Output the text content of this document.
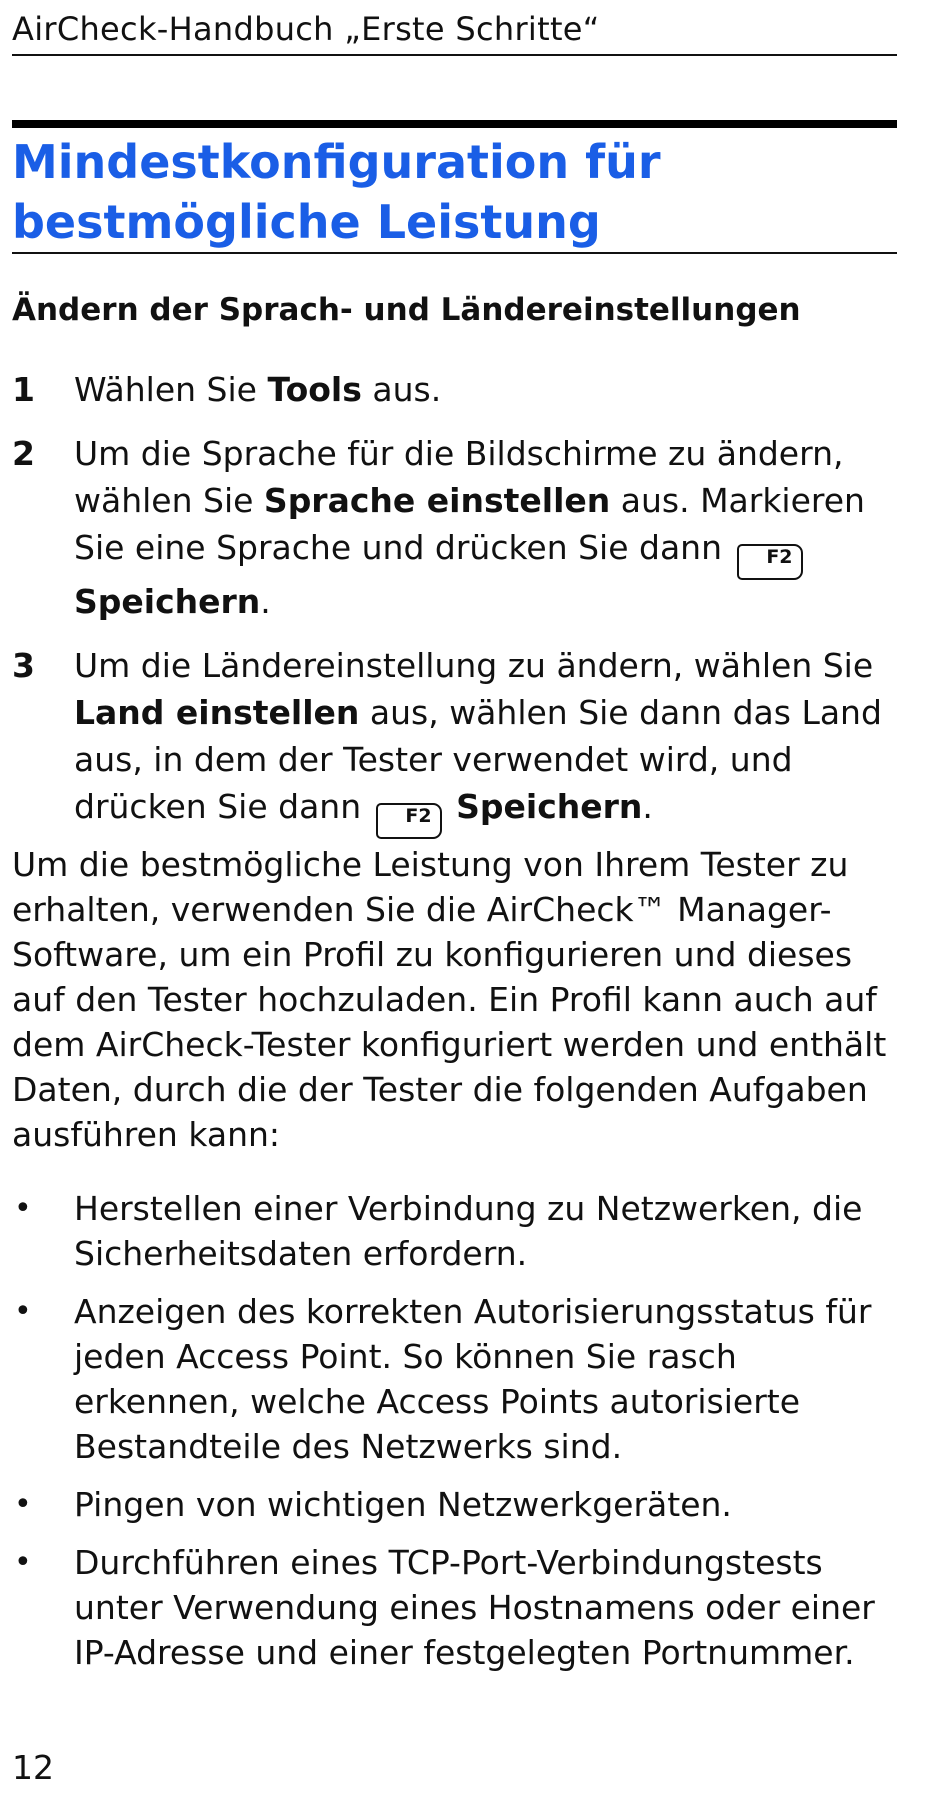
AirCheck-Handbuch „Erste Schritte“
Mindestkonfiguration für
bestmögliche Leistung
Ändern der Sprach- und Ländereinstellungen
1 Wählen Sie Tools aus.
2 Um die Sprache für die Bildschirme zu ändern, wählen Sie Sprache einstellen aus. Markieren Sie eine Sprache und drücken Sie dann F2
Speichern.
3 Um die Ländereinstellung zu ändern, wählen Sie Land einstellen aus, wählen Sie dann das Land aus, in dem der Tester verwendet wird, und drücken Sie dann F2 Speichern.

Um die bestmögliche Leistung von Ihrem Tester zu erhalten, verwenden Sie die AirCheck™ Manager-Software, um ein Profil zu konfigurieren und dieses auf den Tester hochzuladen. Ein Profil kann auch auf dem AirCheck-Tester konfiguriert werden und enthält Daten, durch die der Tester die folgenden Aufgaben ausführen kann:

• Herstellen einer Verbindung zu Netzwerken, die Sicherheitsdaten erfordern.
• Anzeigen des korrekten Autorisierungsstatus für jeden Access Point. So können Sie rasch erkennen, welche Access Points autorisierte Bestandteile des Netzwerks sind.
• Pingen von wichtigen Netzwerkgeräten.
• Durchführen eines TCP-Port-Verbindungstests unter Verwendung eines Hostnamens oder einer IP-Adresse und einer festgelegten Portnummer.
12
